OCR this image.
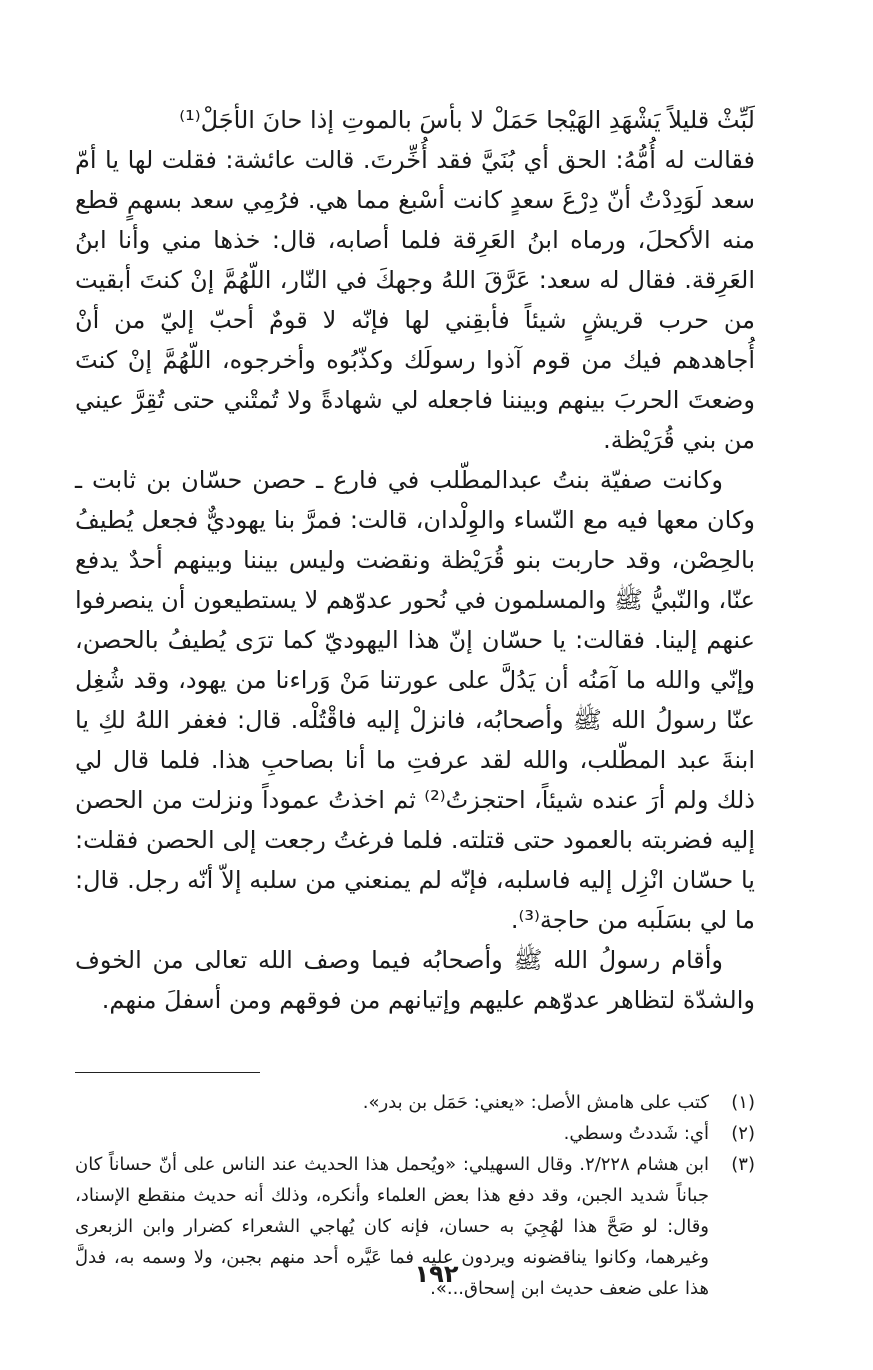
لَبِّثْ قليلاً يَشْهَدِ الهَيْجا حَمَلْ لا بأسَ بالموتِ إذا حانَ الأجَلْ⁽¹⁾

فقالت له أُمُّهُ: الحق أي بُنَيَّ فقد أُخِّرتَ. قالت عائشة: فقلت لها يا أمّ سعد لَوَدِدْتُ أنّ دِرْعَ سعدٍ كانت أسْبغ مما هي. فرُمِي سعد بسهمٍ قطع منه الأكحلَ، ورماه ابنُ العَرِقة فلما أصابه، قال: خذها مني وأنا ابنُ العَرِقة. فقال له سعد: عَرَّقَ اللهُ وجهكَ في النّار، اللّهُمَّ إنْ كنتَ أبقيت من حرب قريشٍ شيئاً فأبقِني لها فإنّه لا قومٌ أحبّ إليّ من أنْ أُجاهدهم فيك من قوم آذوا رسولَك وكذّبُوه وأخرجوه، اللّهُمَّ إنْ كنتَ وضعتَ الحربَ بينهم وبيننا فاجعله لي شهادةً ولا تُمتْني حتى تُقِرَّ عيني من بني قُرَيْظة.

وكانت صفيّة بنتُ عبدالمطّلب في فارع ـ حصن حسّان بن ثابت ـ وكان معها فيه مع النّساء والوِلْدان، قالت: فمرَّ بنا يهوديٌّ فجعل يُطيفُ بالحِصْن، وقد حاربت بنو قُرَيْظة ونقضت وليس بيننا وبينهم أحدٌ يدفع عنّا، والنّبيُّ ﷺ والمسلمون في نُحور عدوّهم لا يستطيعون أن ينصرفوا عنهم إلينا. فقالت: يا حسّان إنّ هذا اليهوديّ كما ترَى يُطيفُ بالحصن، وإنّي والله ما آمَنُه أن يَدُلَّ على عورتنا مَنْ وَراءنا من يهود، وقد شُغِل عنّا رسولُ الله ﷺ وأصحابُه، فانزلْ إليه فاقْتُلْه. قال: فغفر اللهُ لكِ يا ابنةَ عبد المطّلب، والله لقد عرفتِ ما أنا بصاحبِ هذا. فلما قال لي ذلك ولم أرَ عنده شيئاً، احتجزتُ⁽²⁾ ثم اخذتُ عموداً ونزلت من الحصن إليه فضربته بالعمود حتى قتلته. فلما فرغتُ رجعت إلى الحصن فقلت: يا حسّان انْزِل إليه فاسلبه، فإنّه لم يمنعني من سلبه إلاّ أنّه رجل. قال: ما لي بسَلَبه من حاجة⁽³⁾.

وأقام رسولُ الله ﷺ وأصحابُه فيما وصف الله تعالى من الخوف والشدّة لتظاهر عدوّهم عليهم وإتيانهم من فوقهم ومن أسفلَ منهم.

(١)
كتب على هامش الأصل: «يعني: حَمَل بن بدر».
(٢)
أي: شَددتُ وسطي.
(٣)
ابن هشام ٢/٢٢٨. وقال السهيلي: «ويُحمل هذا الحديث عند الناس على أنّ حساناً كان جباناً شديد الجبن، وقد دفع هذا بعض العلماء وأنكره، وذلك أنه حديث منقطع الإسناد، وقال: لو صَحَّ هذا لهُجِيَ به حسان، فإنه كان يُهاجي الشعراء كضرار وابن الزبعرى وغيرهما، وكانوا يناقضونه ويردون عليه فما عَيَّره أحد منهم بجبن، ولا وسمه به، فدلَّ هذا على ضعف حديث ابن إسحاق...».
١٩٢
